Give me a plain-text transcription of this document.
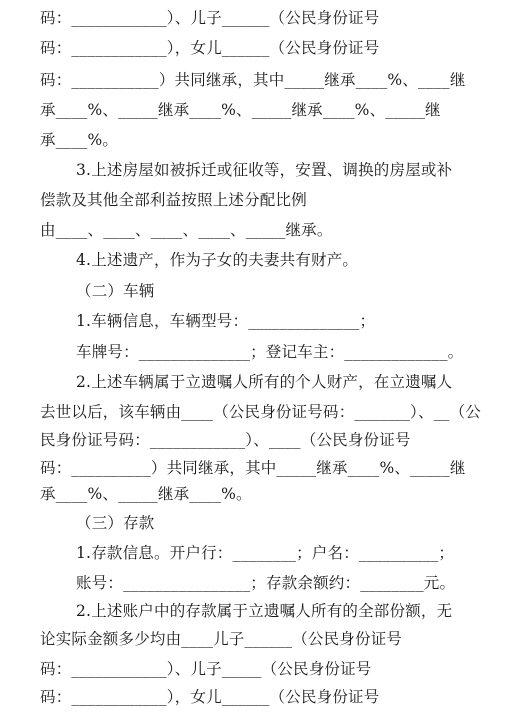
码：____________）、儿子______（公民身份证号
码：____________），女儿______（公民身份证号
码：___________）共同继承，其中_____继承____%、____继
承____%、_____继承____%、_____继承____%、_____继
承____%。
3.上述房屋如被拆迁或征收等，安置、调换的房屋或补
偿款及其他全部利益按照上述分配比例
由____、____、____、____、_____继承。
4.上述遗产，作为子女的夫妻共有财产。
（二）车辆
1.车辆信息，车辆型号：______________；
车牌号：______________；登记车主：_____________。
2.上述车辆属于立遗嘱人所有的个人财产，在立遗嘱人
去世以后，该车辆由____（公民身份证号码：_______）、__（公
民身份证号码：____________）、____（公民身份证号
码：__________）共同继承，其中_____继承____%、_____继
承____%、_____继承____%。
（三）存款
1.存款信息。开户行：________；户名：__________；
账号：________________；存款余额约：________元。
2.上述账户中的存款属于立遗嘱人所有的全部份额，无
论实际金额多少均由____儿子______（公民身份证号
码：____________）、儿子_____（公民身份证号
码：____________），女儿______（公民身份证号
